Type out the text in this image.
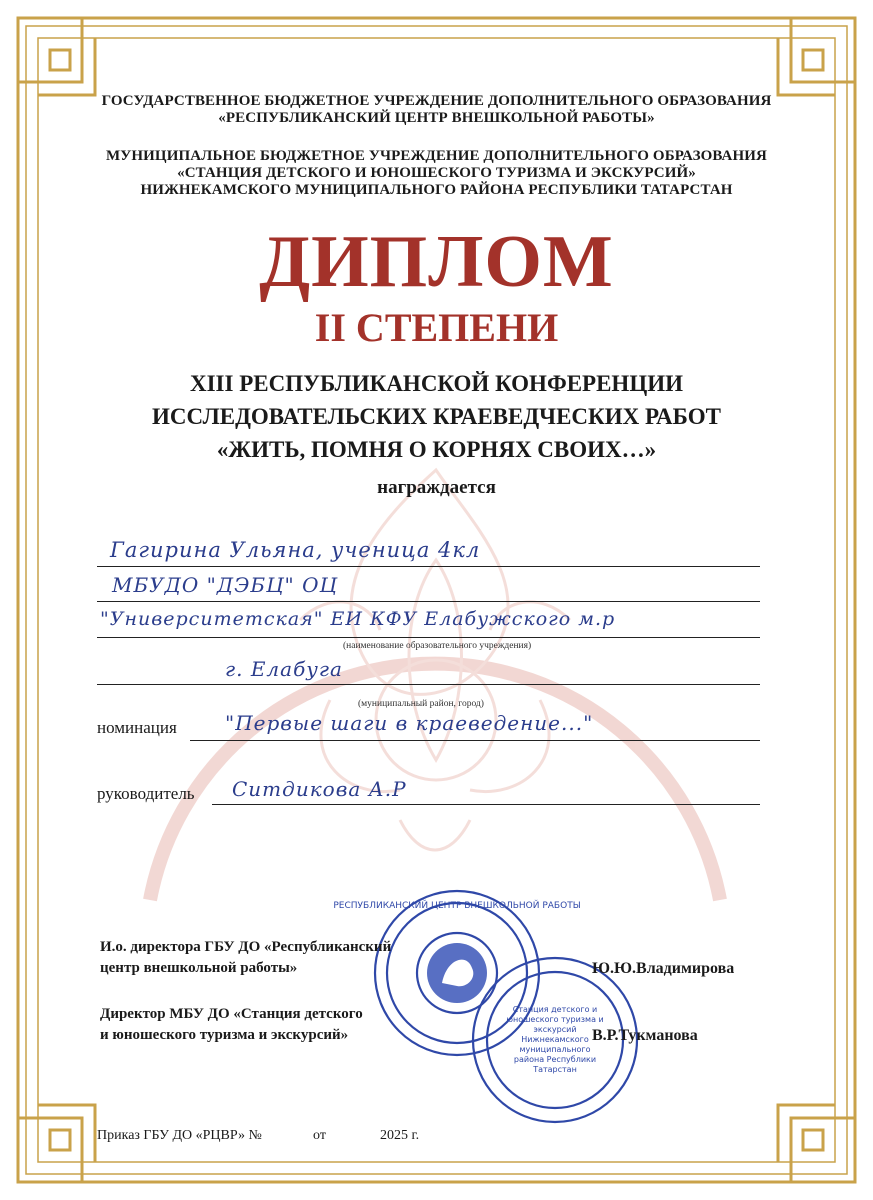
ГОСУДАРСТВЕННОЕ БЮДЖЕТНОЕ УЧРЕЖДЕНИЕ ДОПОЛНИТЕЛЬНОГО ОБРАЗОВАНИЯ
«РЕСПУБЛИКАНСКИЙ ЦЕНТР ВНЕШКОЛЬНОЙ РАБОТЫ»
МУНИЦИПАЛЬНОЕ БЮДЖЕТНОЕ УЧРЕЖДЕНИЕ ДОПОЛНИТЕЛЬНОГО ОБРАЗОВАНИЯ
«СТАНЦИЯ ДЕТСКОГО И ЮНОШЕСКОГО ТУРИЗМА И ЭКСКУРСИЙ»
НИЖНЕКАМСКОГО МУНИЦИПАЛЬНОГО РАЙОНА РЕСПУБЛИКИ ТАТАРСТАН
ДИПЛОМ
II СТЕПЕНИ
XIII РЕСПУБЛИКАНСКОЙ КОНФЕРЕНЦИИ
ИССЛЕДОВАТЕЛЬСКИХ КРАЕВЕДЧЕСКИХ РАБОТ
«ЖИТЬ, ПОМНЯ О КОРНЯХ СВОИХ…»
награждается
Гагирина Ульяна, ученица 4кл
МБУДО "ДЭБЦ" ОЦ
"Университетская" ЕИ КФУ Елабужского м.р
(наименование образовательного учреждения)
г. Елабуга
(муниципальный район, город)
номинация "Первые шаги в краеведение..."
руководитель Ситдикова А.Р
РЕСПУБЛИКАНСКИЙ ЦЕНТР ВНЕШКОЛЬНОЙ РАБОТЫ
Станция детского и юношеского туризма и экскурсий Нижнекамского муниципального района Республики Татарстан
И.о. директора ГБУ ДО «Республиканский
центр внешкольной работы»	Ю.Ю.Владимирова
Директор МБУ ДО «Станция детского
и юношеского туризма и экскурсий»	В.Р.Тукманова
Приказ ГБУ ДО «РЦВР» №	от	2025 г.
